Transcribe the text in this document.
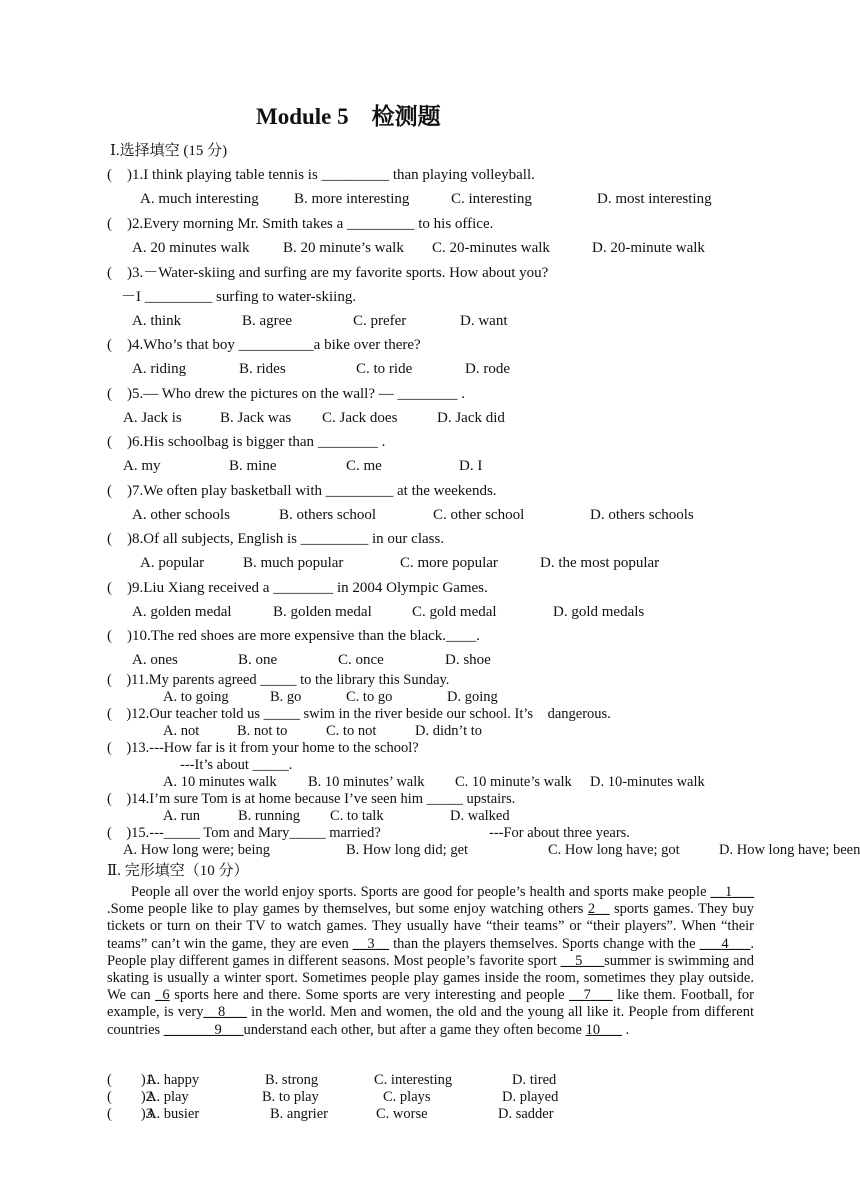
Module 5　检测题
Ⅰ.选择填空 (15 分)
(　)1.I think playing table tennis is _________ than playing volleyball.
A. much interesting B. more interesting	C. interesting	D. most interesting
(　)2.Every morning Mr. Smith takes a _________ to his office.
A. 20 minutes walk B. 20 minute’s walk C. 20-minutes walk	D. 20-minute walk
(　)3.－Water-skiing and surfing are my favorite sports. How about you?
－I _________ surfing to water-skiing.
A. think	B. agree	C. prefer	D. want
(　)4.Who’s that boy __________a bike over there?
A. riding	B. rides	C. to ride	D. rode
(　)5.— Who drew the pictures on the wall? — ________ .
A. Jack is	B. Jack was C. Jack does	D. Jack did
(　)6.His schoolbag is bigger than ________ .
A. my	B. mine	C. me	D. I
(　)7.We often play basketball with _________ at the weekends.
A. other schools	B. others school	C. other school	D. others schools
(　)8.Of all subjects, English is _________ in our class.
A. popular	B. much popular	C. more popular	D. the most popular
(　)9.Liu Xiang received a ________ in 2004 Olympic Games.
A. golden medal	B. golden medal	C. gold medal	D. gold medals
(　)10.The red shoes are more expensive than the black.____.
A. ones	B. one	C. once	D. shoe
(　)11.My parents agreed _____ to the library this Sunday.
A. to going	B. go	C. to go	D. going
(　)12.Our teacher told us _____ swim in the river beside our school. It’s　dangerous.
A. not	B. not to	C. to not	D. didn’t to
(　)13.---How far is it from your home to the school?
---It’s about _____.
A. 10 minutes walk B. 10 minutes’ walk C. 10 minute’s walk D. 10-minutes walk
(　)14.I’m sure Tom is at home because I’ve seen him _____ upstairs.
A. run	B. running C. to talk	D. walked
(　)15.---_____ Tom and Mary_____ married?	---For about three years.
A. How long were; being	B. How long did; get	C. How long have; got	D. How long have; been
Ⅱ. 完形填空（10 分）
People all over the world enjoy sports. Sports are good for people’s health and sports make people __1___ .Some people like to play games by themselves, but some enjoy watching others 2__ sports games. They buy tickets or turn on their TV to watch games. They usually have “their teams” or “their players”. When “their teams” can’t win the game, they are even __3__ than the players themselves. Sports change with the ___4___. People play different games in different seasons. Most people’s favorite sport __5___summer is swimming and skating is usually a winter sport. Sometimes people play games inside the room, sometimes they play outside. We can _6 sports here and there. Some sports are very interesting and people __7___ like them. Football, for example, is very__8___ in the world. Men and women, the old and the young all like it. People from different countries _______9___understand each other, but after a game they often become 10___ .
(　　)1.
A. happy	B. strong	C. interesting	D. tired
(　　)2.
A. play	B. to play	C. plays	D. played
(　　)3.
A. busier	B. angrier	C. worse	D. sadder
